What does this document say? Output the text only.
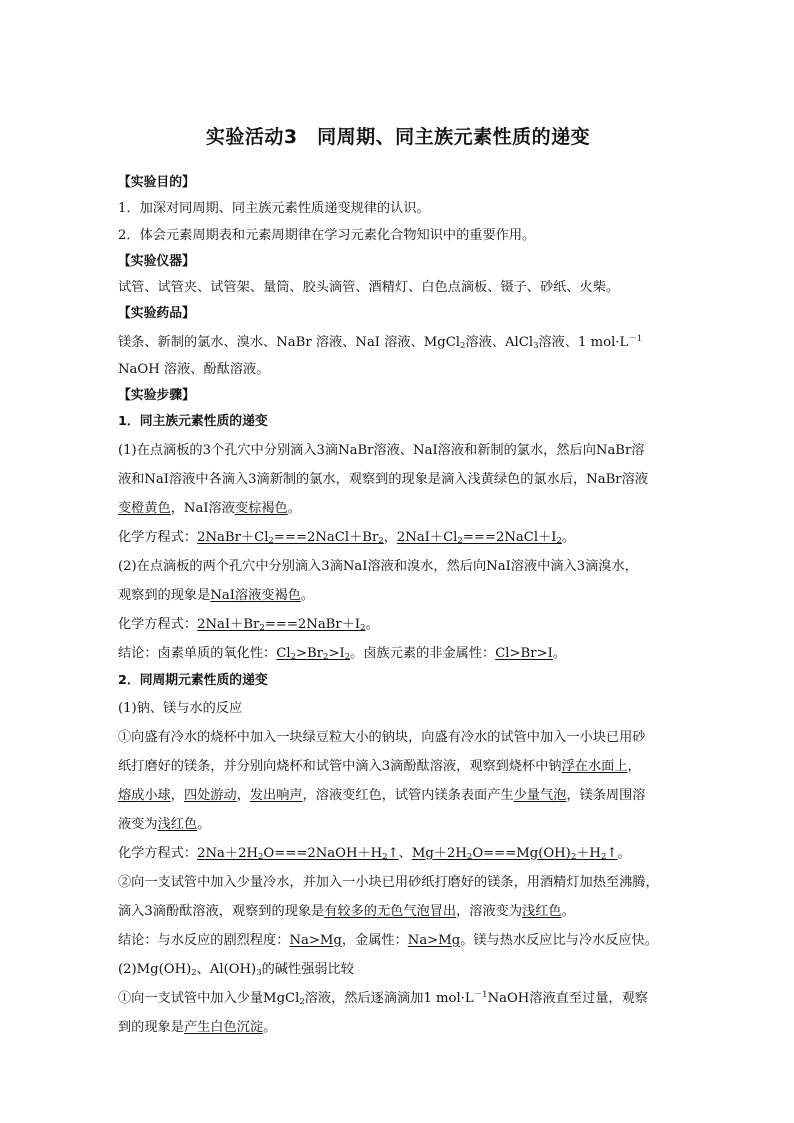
实验活动3　同周期、同主族元素性质的递变
【实验目的】
1．加深对同周期、同主族元素性质递变规律的认识。
2．体会元素周期表和元素周期律在学习元素化合物知识中的重要作用。
【实验仪器】
试管、试管夹、试管架、量筒、胶头滴管、酒精灯、白色点滴板、镊子、砂纸、火柴。
【实验药品】
镁条、新制的氯水、溴水、NaBr 溶液、NaI 溶液、MgCl$_2$溶液、AlCl$_3$溶液、1 $mol\cdot L^{-1}$
NaOH 溶液、酚酞溶液。
【实验步骤】
1．同主族元素性质的递变
(1)在点滴板的3个孔穴中分别滴入3滴NaBr溶液、NaI溶液和新制的氯水，然后向NaBr溶
液和NaI溶液中各滴入3滴新制的氯水，观察到的现象是滴入浅黄绿色的氯水后，NaBr溶液
变橙黄色，NaI溶液变棕褐色。
化学方程式：$2NaBr+Cl_2===2NaCl+Br_2$，$2NaI+Cl_2===2NaCl+I_2$。
(2)在点滴板的两个孔穴中分别滴入3滴NaI溶液和溴水，然后向NaI溶液中滴入3滴溴水，
观察到的现象是NaI溶液变褐色。
化学方程式：$2NaI+Br_2===2NaBr+I_2$。
结论：卤素单质的氧化性：$Cl_2>Br_2>I_2$。卤族元素的非金属性：Cl>Br>I。
2．同周期元素性质的递变
(1)钠、镁与水的反应
①向盛有冷水的烧杯中加入一块绿豆粒大小的钠块，向盛有冷水的试管中加入一小块已用砂
纸打磨好的镁条，并分别向烧杯和试管中滴入3滴酚酞溶液，观察到烧杯中钠浮在水面上，
熔成小球，四处游动，发出响声，溶液变红色，试管内镁条表面产生少量气泡，镁条周围溶
液变为浅红色。
化学方程式：$2Na+2H_2O===2NaOH+H_2↑$、$Mg+2H_2O===Mg(OH)_2+H_2↑$。
②向一支试管中加入少量冷水，并加入一小块已用砂纸打磨好的镁条，用酒精灯加热至沸腾，
滴入3滴酚酞溶液，观察到的现象是有较多的无色气泡冒出，溶液变为浅红色。
结论：与水反应的剧烈程度：Na>Mg，金属性：Na>Mg。镁与热水反应比与冷水反应快。
$(2)Mg(OH)_2$、$Al(OH)_3$的碱性强弱比较
①向一支试管中加入少量MgCl$_2$溶液，然后逐滴滴加1 $mol\cdot L^{-1}NaOH$溶液直至过量，观察
到的现象是产生白色沉淀。
